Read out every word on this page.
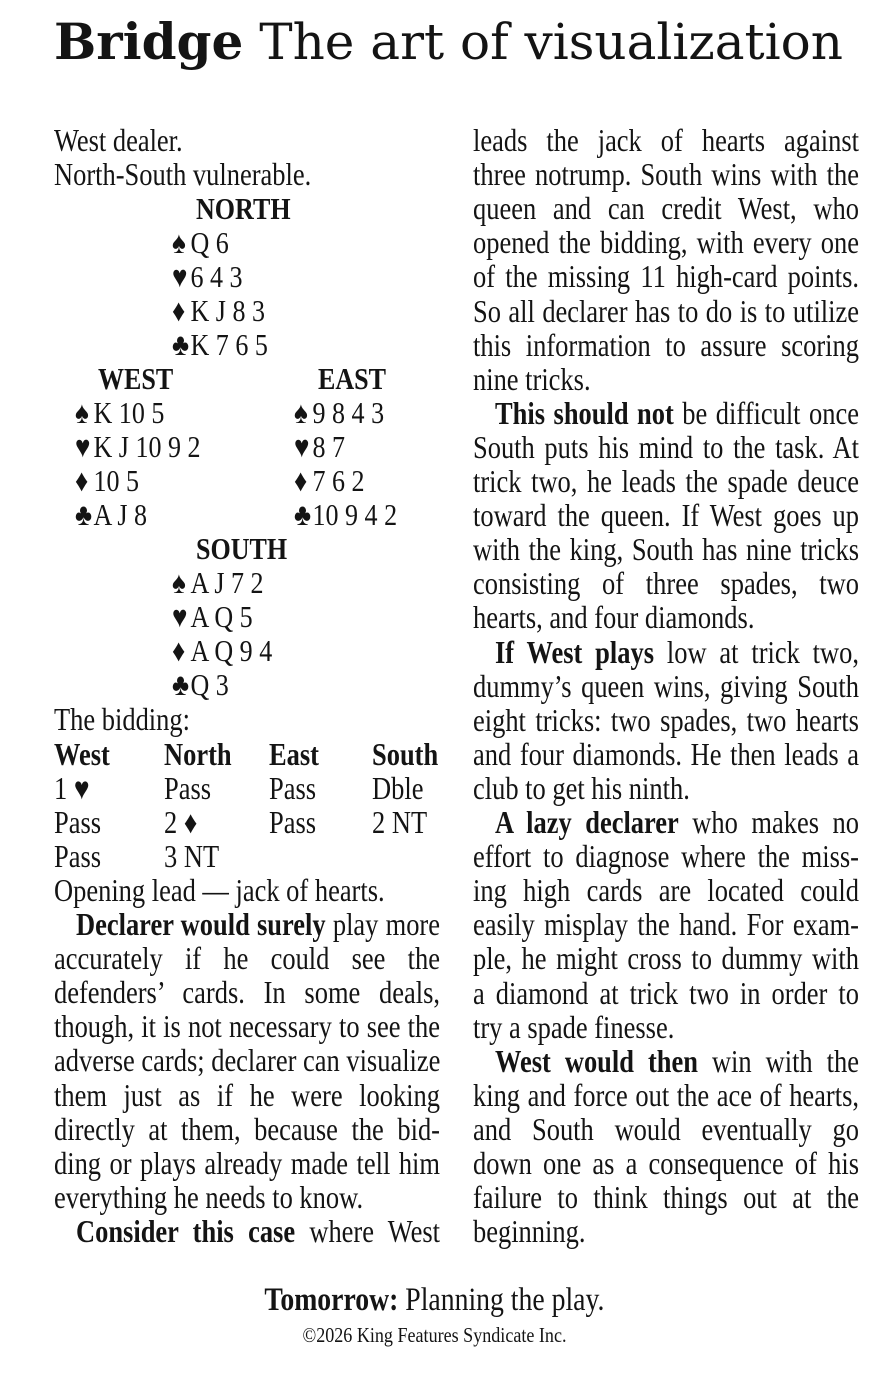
Bridge The art of visualization
West dealer.
North-South vulnerable.
NORTH
♠ Q 6
♥6 4 3
♦ K J 8 3
♣K 7 6 5
WEST
♠ K 10 5
♥K J 10 9 2
♦ 10 5
♣A J 8
EAST
♠ 9 8 4 3
♥8 7
♦ 7 6 2
♣10 9 4 2
SOUTH
♠ A J 7 2
♥A Q 5
♦ A Q 9 4
♣Q 3
The bidding:
West North East South
1 ♥ Pass Pass Dble
Pass 2 ♦ Pass 2 NT
Pass 3 NT
Opening lead — jack of hearts.
Declarer would surely play more
accurately if he could see the
defenders’ cards. In some deals,
though, it is not necessary to see the
adverse cards; declarer can visualize
them just as if he were looking
directly at them, because the bid-
ding or plays already made tell him
everything he needs to know.
Consider this case where West
leads the jack of hearts against
three notrump. South wins with the
queen and can credit West, who
opened the bidding, with every one
of the missing 11 high-card points.
So all declarer has to do is to utilize
this information to assure scoring
nine tricks.
This should not be difficult once
South puts his mind to the task. At
trick two, he leads the spade deuce
toward the queen. If West goes up
with the king, South has nine tricks
consisting of three spades, two
hearts, and four diamonds.
If West plays low at trick two,
dummy’s queen wins, giving South
eight tricks: two spades, two hearts
and four diamonds. He then leads a
club to get his ninth.
A lazy declarer who makes no
effort to diagnose where the miss-
ing high cards are located could
easily misplay the hand. For exam-
ple, he might cross to dummy with
a diamond at trick two in order to
try a spade finesse.
West would then win with the
king and force out the ace of hearts,
and South would eventually go
down one as a consequence of his
failure to think things out at the
beginning.
Tomorrow: Planning the play.
©2026 King Features Syndicate Inc.
